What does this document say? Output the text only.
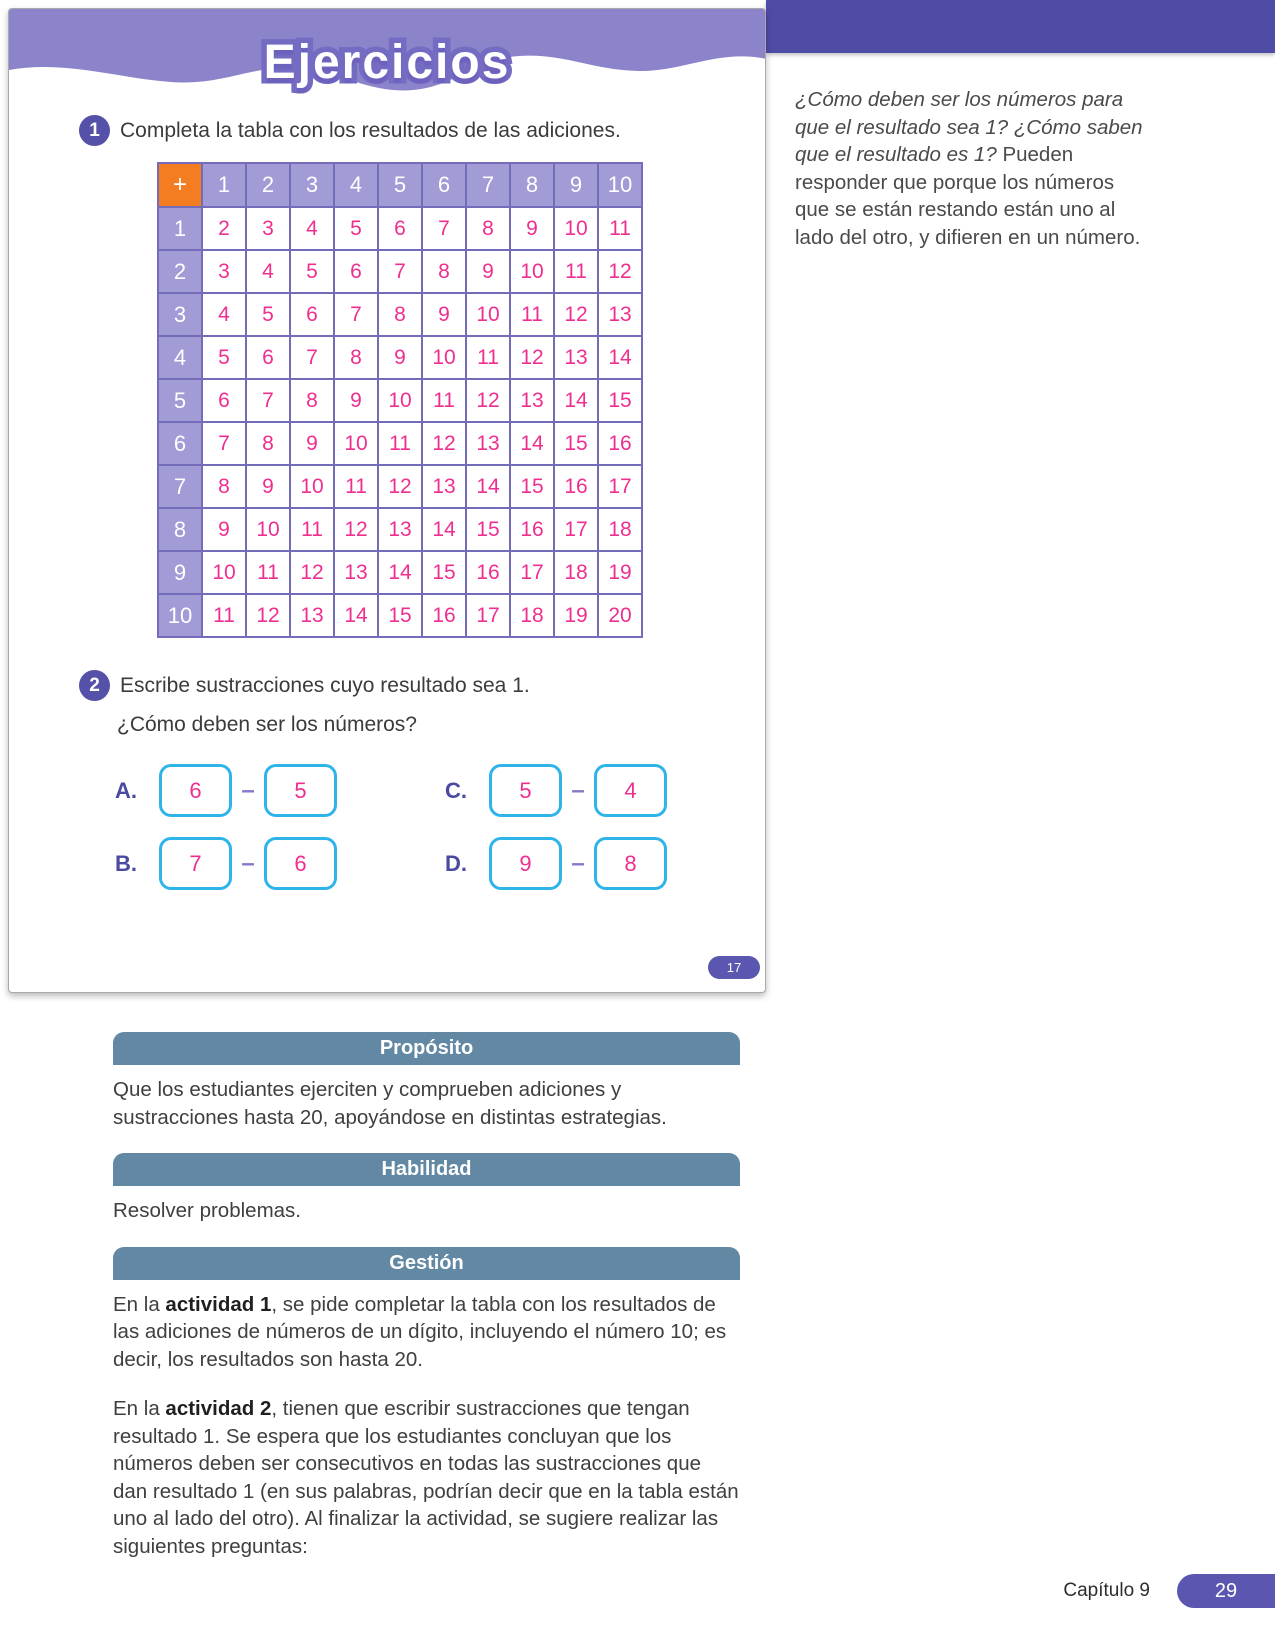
Ejercicios
1 Completa la tabla con los resultados de las adiciones.
+	1	2	3	4	5	6	7	8	9	10
1	2	3	4	5	6	7	8	9	10	11
2	3	4	5	6	7	8	9	10	11	12
3	4	5	6	7	8	9	10	11	12	13
4	5	6	7	8	9	10	11	12	13	14
5	6	7	8	9	10	11	12	13	14	15
6	7	8	9	10	11	12	13	14	15	16
7	8	9	10	11	12	13	14	15	16	17
8	9	10	11	12	13	14	15	16	17	18
9	10	11	12	13	14	15	16	17	18	19
10	11	12	13	14	15	16	17	18	19	20
2 Escribe sustracciones cuyo resultado sea 1.
¿Cómo deben ser los números?
A.	6	–	5
B.	7	–	6
C.	5	–	4
D.	9	–	8
17
¿Cómo deben ser los números para que el resultado sea 1? ¿Cómo saben que el resultado es 1? Pueden responder que porque los números que se están restando están uno al lado del otro, y difieren en un número.
Propósito

Que los estudiantes ejerciten y comprueben adiciones y sustracciones hasta 20, apoyándose en distintas estrategias.

Habilidad

Resolver problemas.

Gestión

En la actividad 1, se pide completar la tabla con los resultados de las adiciones de números de un dígito, incluyendo el número 10; es decir, los resultados son hasta 20.

En la actividad 2, tienen que escribir sustracciones que tengan resultado 1. Se espera que los estudiantes concluyan que los números deben ser consecutivos en todas las sustracciones que dan resultado 1 (en sus palabras, podrían decir que en la tabla están uno al lado del otro). Al finalizar la actividad, se sugiere realizar las siguientes preguntas:

Capítulo 9	29
